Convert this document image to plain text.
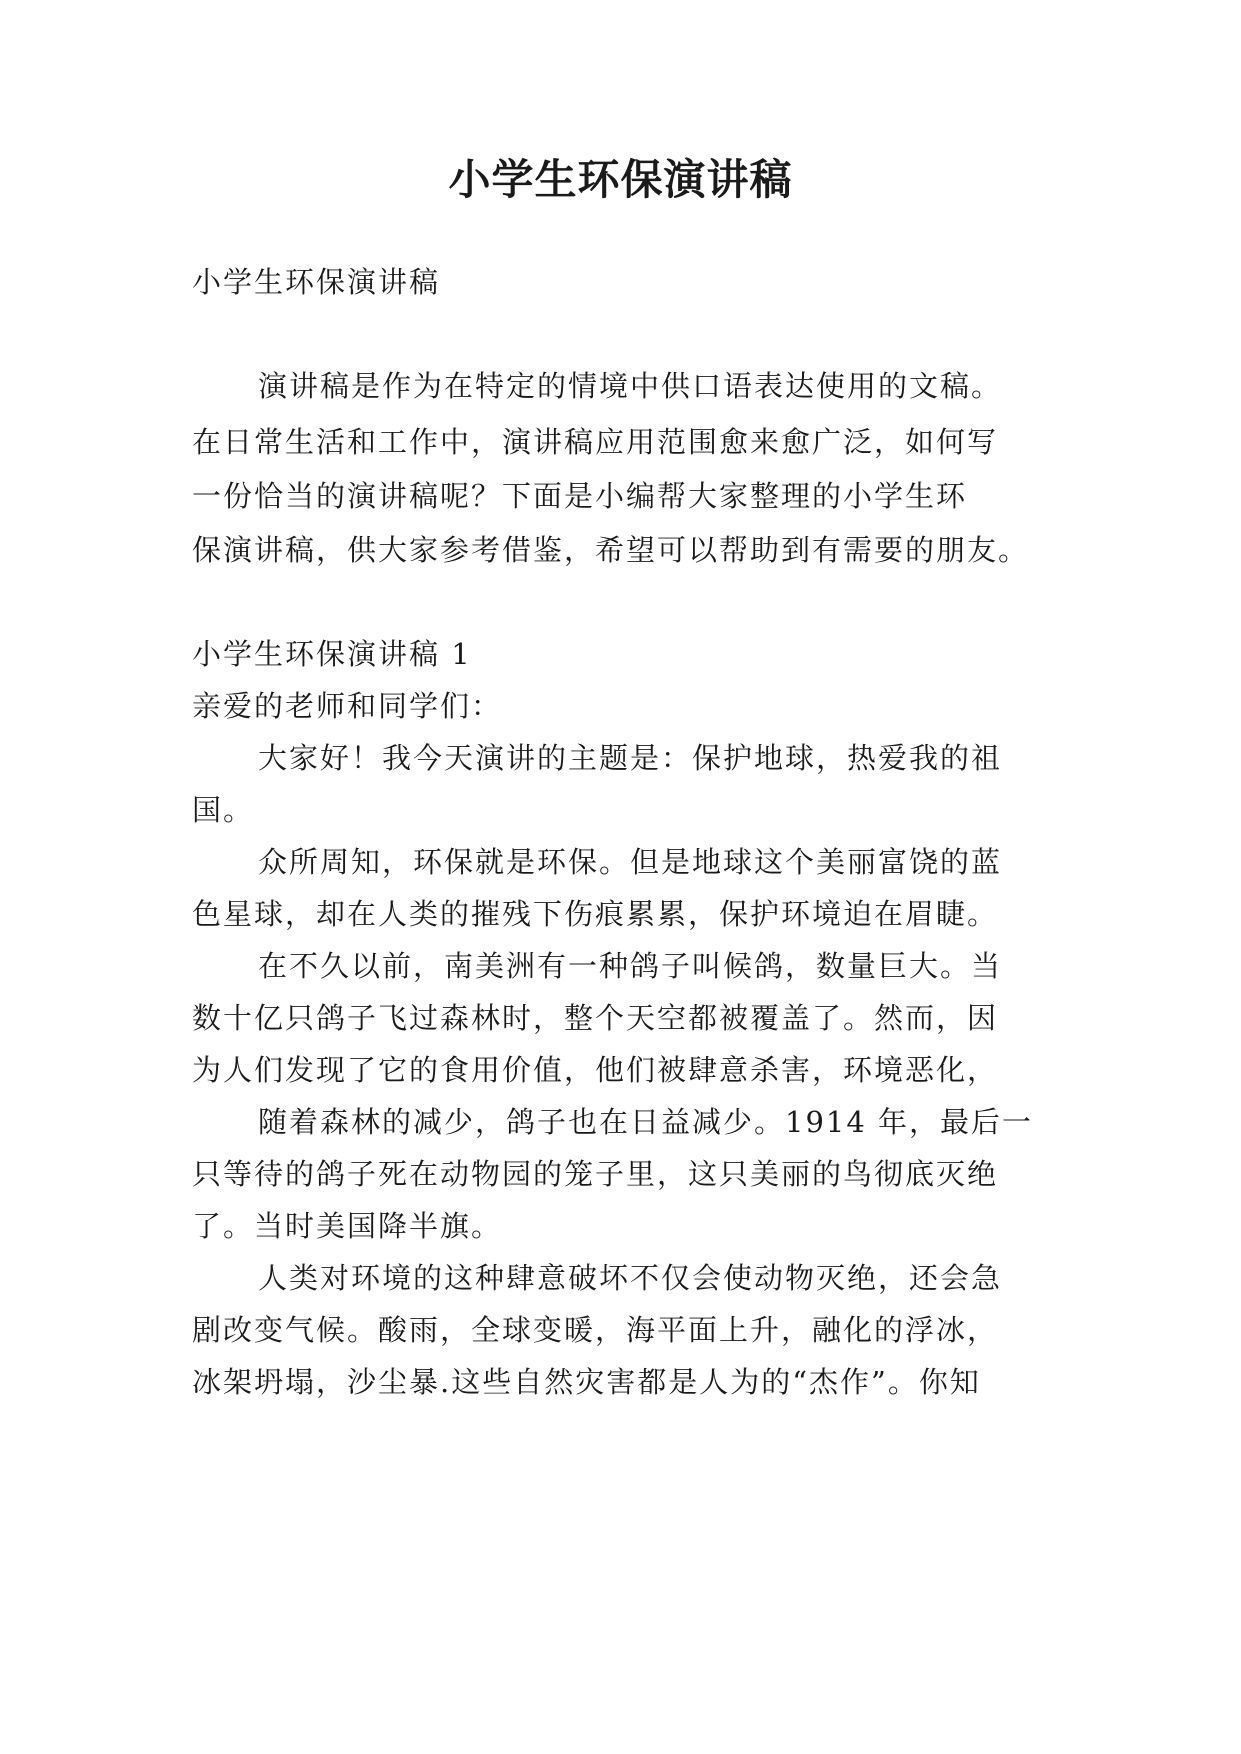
小学生环保演讲稿
小学生环保演讲稿
演讲稿是作为在特定的情境中供口语表达使用的文稿。
在日常生活和工作中，演讲稿应用范围愈来愈广泛，如何写
一份恰当的演讲稿呢？下面是小编帮大家整理的小学生环
保演讲稿，供大家参考借鉴，希望可以帮助到有需要的朋友。
小学生环保演讲稿 1
亲爱的老师和同学们：
大家好！我今天演讲的主题是：保护地球，热爱我的祖
国。
众所周知，环保就是环保。但是地球这个美丽富饶的蓝
色星球，却在人类的摧残下伤痕累累，保护环境迫在眉睫。
在不久以前，南美洲有一种鸽子叫候鸽，数量巨大。当
数十亿只鸽子飞过森林时，整个天空都被覆盖了。然而，因
为人们发现了它的食用价值，他们被肆意杀害，环境恶化，
随着森林的减少，鸽子也在日益减少。1914 年，最后一
只等待的鸽子死在动物园的笼子里，这只美丽的鸟彻底灭绝
了。当时美国降半旗。
人类对环境的这种肆意破坏不仅会使动物灭绝，还会急
剧改变气候。酸雨，全球变暖，海平面上升，融化的浮冰，
冰架坍塌，沙尘暴.这些自然灾害都是人为的“杰作”。你知
